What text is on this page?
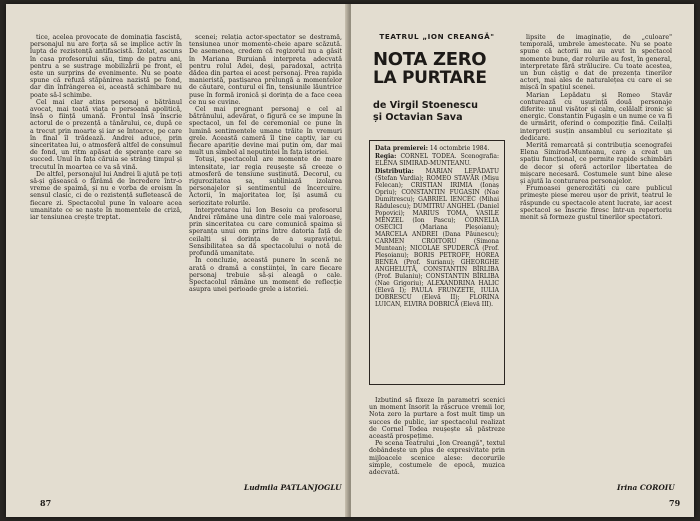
tice, acelea provocate de dominația fascistă, personajul nu are forța să se implice activ în lupta de rezistență antifascistă. Izolat, ascuns în casa profesorului său, timp de patru ani, pentru a se sustrage mobilizării pe front, el este un surprins de evenimente. Nu se poate spune că refuză stăpânirea nazistă pe fond, dar din înfrângerea ei, această schimbare nu poate să-l schimbe.

Cel mai clar atins personaj e bătrânul avocat, mai toată viața o persoană apolitică, însă o ființă umană. Frontul însă înscrie actorul de o prezență a tânărului, ce, după ce a trecut prin moarte și iar se întoarce, pe care în final îl trădează. Andrei aduce, prin sinceritatea lui, o atmosferă altfel de consumul de fond, un ritm apăsat de speranțe care se succed. Unul în fața căruia se strâng timpul și trecutul în moartea ce va să vină.

De altfel, personajul lui Andrei îi ajută pe toți să-și găsească o fărâmă de încredere într-o vreme de spaimă, și nu e vorba de eroism în sensul clasic, ci de o rezistență sufletească de fiecare zi. Spectacolul pune în valoare acea umanitate ce se naște în momentele de criză, iar tensiunea crește treptat.

scenei; relația actor-spectator se destramă, tensiunea unor momente-cheie apare scăzută. De asemenea, credem că regizorul nu a găsit în Mariana Buruiană interpreta adecvată pentru rolul Adei, deși, paradoxal, actrița dădea din partea ei acest personaj. Prea rapida manieristă, pastișarea prelungă a momentelor de căutare, conturul ei fin, tensiunile lăuntrice puse în formă ironică și dorința de a face ceea ce nu se cuvine.

Cel mai pregnant personaj e cel al bătrânului, adevărat, o figură ce se impune în spectacol, un fel de ceremonial ce pune în lumină sentimentele umane trăite în vremuri grele. Această cameră îl ține captiv, iar cu fiecare apariție devine mai puțin om, dar mai mult un simbol al neputinței în fața istoriei.

Totuși, spectacolul are momente de mare intensitate, iar regia reușește să creeze o atmosferă de tensiune susținută. Decorul, cu rigurozitatea sa, subliniază izolarea personajelor și sentimentul de încercuire. Actorii, în majoritatea lor, își asumă cu seriozitate rolurile.

Interpretarea lui Ion Besoiu ca profesorul Andrei rămâne una dintre cele mai valoroase, prin sinceritatea cu care comunică spaima și speranța unui om prins între datoria față de ceilalți și dorința de a supraviețui. Sensibilitatea sa dă spectacolului o notă de profundă umanitate.

În concluzie, această punere în scenă ne arată o dramă a conștiinței, în care fiecare personaj trebuie să-și aleagă o cale. Spectacolul rămâne un moment de reflecție asupra unei perioade grele a istoriei.

Ludmila PATLANJOGLU
87
TEATRUL „ION CREANGĂ"
NOTA ZERO
LA PURTARE
de Virgil Stoenescu
și Octavian Sava
Data premierei: 14 octombrie 1984.
Regia: CORNEL TODEA. Scenografia: ELENA SIMIRAD-MUNTEANU.
Distribuția: MARIAN LEPĂDATU (Ștefan Vardia); ROMEO STAVĂR (Mișu Felecan); CRISTIAN IRIMIA (Ionaș Opriu); CONSTANTIN FUGAȘIN (Nae Dumitrescu); GABRIEL IENCEC (Mihai Rădulescu); DUMITRU ANGHEL (Daniel Popovici); MARIUS TOMA, VASILE MENZEL (Ion Pascu); CORNELIA OSECICI (Mariana Pleșoianu); MARCELA ANDREI (Dana Păunescu); CARMEN CROITORU (Simona Muntean); NICOLAE SPUDERCĂ (Prof. Pleșoianu); BORIS PETROFF, HOREA BENEA (Prof. Surianu); GHEORGHE ANGHELUȚĂ, CONSTANTIN BÎRLIBA (Prof. Bulaniu); CONSTANTIN BÎRLIBA (Nae Grigoriu); ALEXANDRINA HALIC (Elevă I); PAULA FRUNZETE, IULIA DOBRESCU (Elevă II); FLORINA LUICAN, ELVIRA DOBRICĂ (Elevă III).

Izbutind să fixeze în parametri scenici un moment însorit la răscruce vremii lor, Nota zero la purtare a fost mult timp un succes de public, iar spectacolul realizat de Cornel Todea reușește să păstreze această prospețime.

Pe scena Teatrului „Ion Creangă", textul dobândește un plus de expresivitate prin mijloacele scenice alese: decorurile simple, costumele de epocă, muzica adecvată.

lipsite de imaginație, de „culoare" temporală, umbrele amestecate. Nu se poate spune că actorii nu au avut în spectacol momente bune, dar rolurile au fost, în general, interpretate fără strălucire. Cu toate acestea, un bun câștig e dat de prezența tinerilor actori, mai ales de naturalețea cu care ei se mișcă în spațiul scenei.

Marian Lepădatu și Romeo Stavăr conturează cu ușurință două personaje diferite: unul visător și calm, celălalt ironic și energic. Constantin Fugașin e un nume ce va fi de urmărit, oferind o compoziție fină. Ceilalți interpreți susțin ansamblul cu seriozitate și dedicare.

Merită remarcată și contribuția scenografei Elena Simirad-Munteanu, care a creat un spațiu funcțional, ce permite rapide schimbări de decor și oferă actorilor libertatea de mișcare necesară. Costumele sunt bine alese și ajută la conturarea personajelor.

Frumoasei generozități cu care publicul primește piese mereu ușor de privit, teatrul le răspunde cu spectacole atent lucrate, iar acest spectacol se înscrie firesc într-un repertoriu menit să formeze gustul tinerilor spectatori.

Irina COROIU
79
